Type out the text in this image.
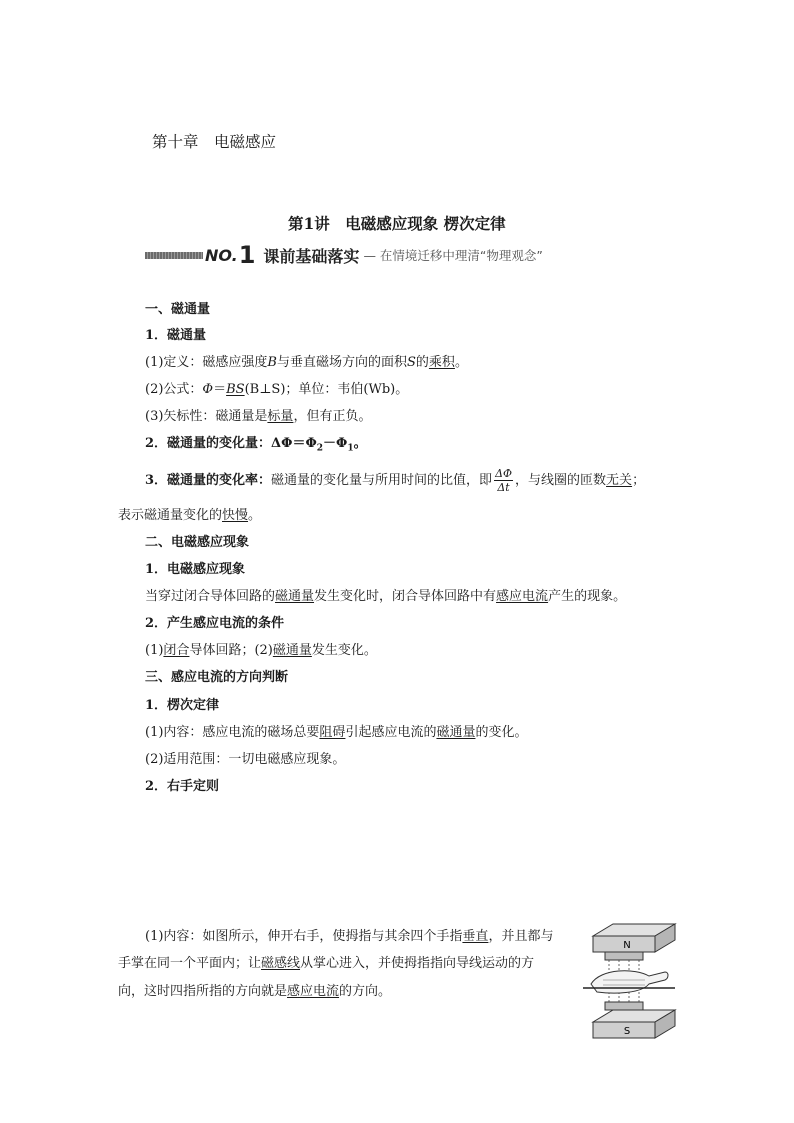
第十章　电磁感应
第1讲　电磁感应现象 楞次定律
NO. 1 课前基础落实 — 在情境迁移中理清“物理观念”
一、磁通量
1．磁通量
(1)定义：磁感应强度B与垂直磁场方向的面积S的乘积。
(2)公式：Φ＝BS(B⊥S)；单位：韦伯(Wb)。
(3)矢标性：磁通量是标量，但有正负。
2．磁通量的变化量：$\Delta\Phi=\Phi_2-\Phi_1$。
3．磁通量的变化率：磁通量的变化量与所用时间的比值，即 $\frac{\Delta\Phi}{\Delta t}$ ，与线圈的匝数无关；
表示磁通量变化的快慢。
二、电磁感应现象
1．电磁感应现象
当穿过闭合导体回路的磁通量发生变化时，闭合导体回路中有感应电流产生的现象。
2．产生感应电流的条件
(1)闭合导体回路；(2)磁通量发生变化。
三、感应电流的方向判断
1．楞次定律
(1)内容：感应电流的磁场总要阻碍引起感应电流的磁通量的变化。
(2)适用范围：一切电磁感应现象。
2．右手定则
(1)内容：如图所示，伸开右手，使拇指与其余四个手指垂直，并且都与
手掌在同一个平面内；让磁感线从掌心进入，并使拇指指向导线运动的方
向，这时四指所指的方向就是感应电流的方向。
N
S
